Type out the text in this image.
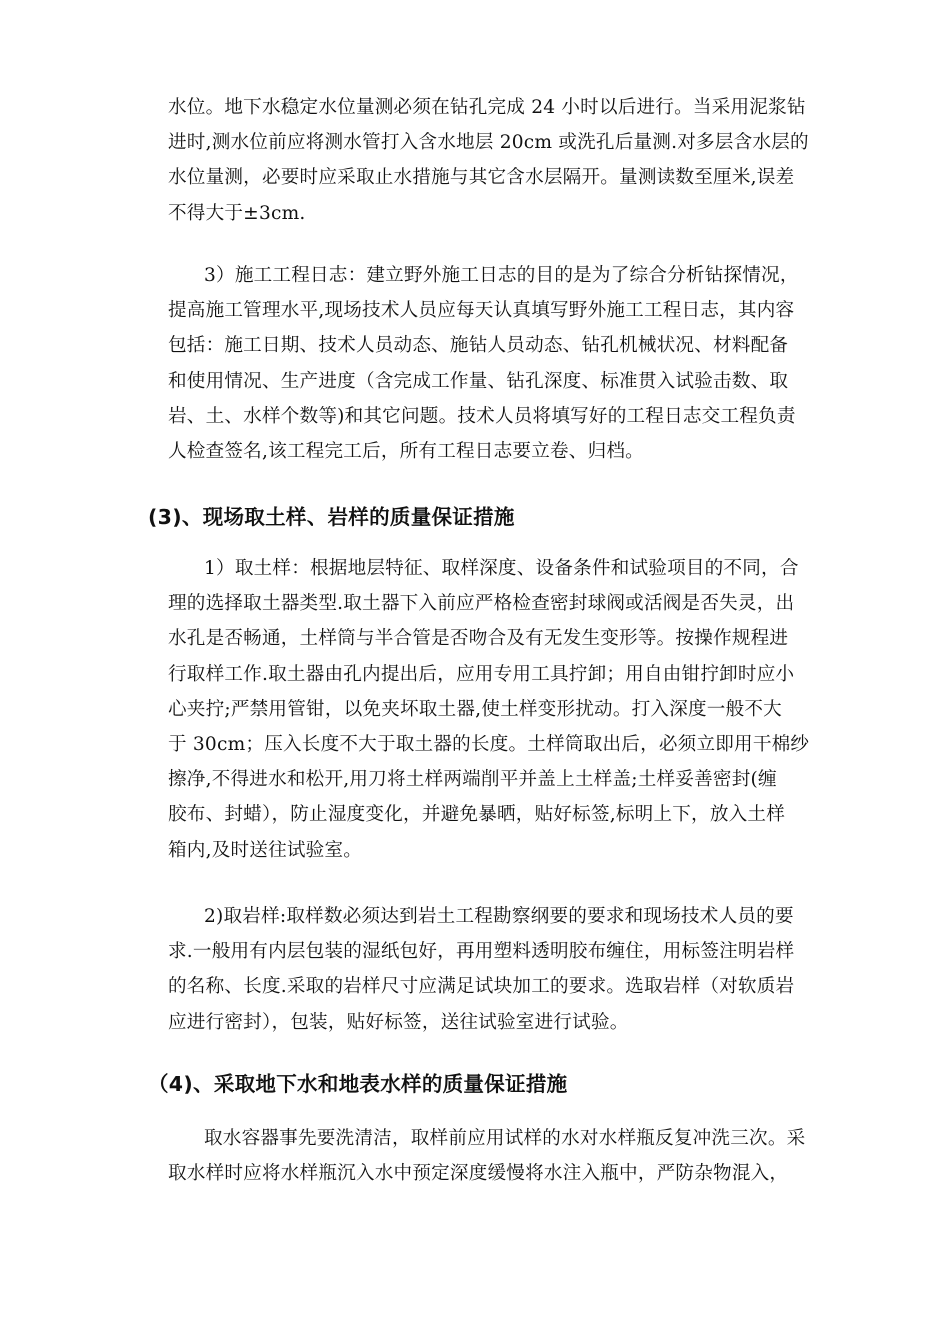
水位。地下水稳定水位量测必须在钻孔完成 24 小时以后进行。当采用泥浆钻
进时,测水位前应将测水管打入含水地层 20cm 或洗孔后量测.对多层含水层的
水位量测，必要时应采取止水措施与其它含水层隔开。量测读数至厘米,误差
不得大于±3cm.
3）施工工程日志：建立野外施工日志的目的是为了综合分析钻探情况，
提高施工管理水平,现场技术人员应每天认真填写野外施工工程日志，其内容
包括：施工日期、技术人员动态、施钻人员动态、钻孔机械状况、材料配备
和使用情况、生产进度（含完成工作量、钻孔深度、标准贯入试验击数、取
岩、土、水样个数等)和其它问题。技术人员将填写好的工程日志交工程负责
人检查签名,该工程完工后，所有工程日志要立卷、归档。
(3)、现场取土样、岩样的质量保证措施
1）取土样：根据地层特征、取样深度、设备条件和试验项目的不同，合
理的选择取土器类型.取土器下入前应严格检查密封球阀或活阀是否失灵，出
水孔是否畅通，土样筒与半合管是否吻合及有无发生变形等。按操作规程进
行取样工作.取土器由孔内提出后，应用专用工具拧卸；用自由钳拧卸时应小
心夹拧;严禁用管钳，以免夹坏取土器,使土样变形扰动。打入深度一般不大
于 30cm；压入长度不大于取土器的长度。土样筒取出后，必须立即用干棉纱
擦净,不得进水和松开,用刀将土样两端削平并盖上土样盖;土样妥善密封(缠
胶布、封蜡），防止湿度变化，并避免暴晒，贴好标签,标明上下，放入土样
箱内,及时送往试验室。
2)取岩样:取样数必须达到岩土工程勘察纲要的要求和现场技术人员的要
求.一般用有内层包装的湿纸包好，再用塑料透明胶布缠住，用标签注明岩样
的名称、长度.采取的岩样尺寸应满足试块加工的要求。选取岩样（对软质岩
应进行密封），包装，贴好标签，送往试验室进行试验。
（4)、采取地下水和地表水样的质量保证措施
取水容器事先要洗清洁，取样前应用试样的水对水样瓶反复冲洗三次。采
取水样时应将水样瓶沉入水中预定深度缓慢将水注入瓶中，严防杂物混入，
